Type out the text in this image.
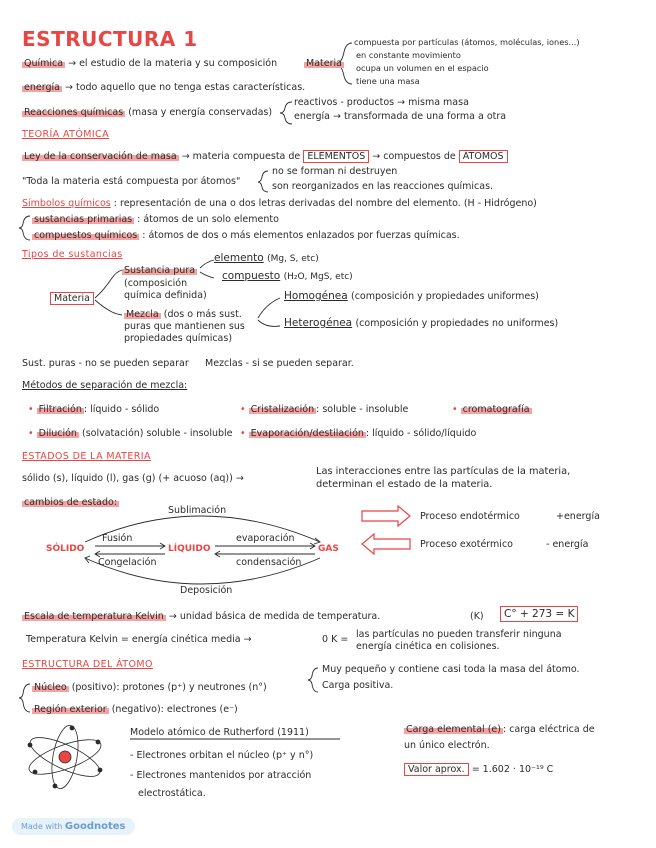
ESTRUCTURA 1
Química → el estudio de la materia y su composición	Materia
compuesta por partículas (átomos, moléculas, iones...)
en constante movimiento
ocupa un volumen en el espacio
tiene una masa
energía → todo aquello que no tenga estas características.
Reacciones químicas (masa y energía conservadas)
reactivos - productos → misma masa
energía → transformada de una forma a otra
TEORÍA ATÓMICA
Ley de la conservación de masa → materia compuesta de ELEMENTOS → compuestos de ÁTOMOS
"Toda la materia está compuesta por átomos"
no se forman ni destruyen
son reorganizados en las reacciones químicas.
Símbolos químicos : representación de una o dos letras derivadas del nombre del elemento. (H - Hidrógeno)
sustancias primarias : átomos de un solo elemento
compuestos químicos : átomos de dos o más elementos enlazados por fuerzas químicas.
Tipos de sustancias
Materia
Sustancia pura
(composición
química definida)
elemento (Mg, S, etc)
compuesto (H₂O, MgS, etc)
Mezcla (dos o más sust.
puras que mantienen sus
propiedades químicas)
Homogénea (composición y propiedades uniformes)
Heterogénea (composición y propiedades no uniformes)
Sust. puras - no se pueden separar Mezclas - si se pueden separar.
Métodos de separación de mezcla:
• Filtración : líquido - sólido	• Cristalización : soluble - insoluble	• cromatografía
• Dilución (solvatación) soluble - insoluble • Evaporación/destilación : líquido - sólido/líquido
ESTADOS DE LA MATERIA
sólido (s), líquido (l), gas (g) (+ acuoso (aq)) →
Las interacciones entre las partículas de la materia,
determinan el estado de la materia.
cambios de estado:
Sublimación
Fusión	evaporación
SÓLIDO	LÍQUIDO	GAS
Congelación	condensación
Deposición
Proceso endotérmico	+energía
Proceso exotérmico	- energía
Escala de temperatura Kelvin → unidad básica de medida de temperatura.	(K)	C° + 273 = K
Temperatura Kelvin = energía cinética media →	0 K = las partículas no pueden transferir ninguna
energía cinética en colisiones.
ESTRUCTURA DEL ÁTOMO	Muy pequeño y contiene casi toda la masa del átomo.
Carga positiva.
Núcleo (positivo): protones (p⁺) y neutrones (n°)
Región exterior (negativo): electrones (e⁻)
Modelo atómico de Rutherford (1911)
- Electrones orbitan el núcleo (p⁺ y n°)
- Electrones mantenidos por atracción
electrostática.
Carga elemental (e) : carga eléctrica de
un único electrón.
Valor aprox. = 1.602 · 10⁻¹⁹ C
Made with Goodnotes
